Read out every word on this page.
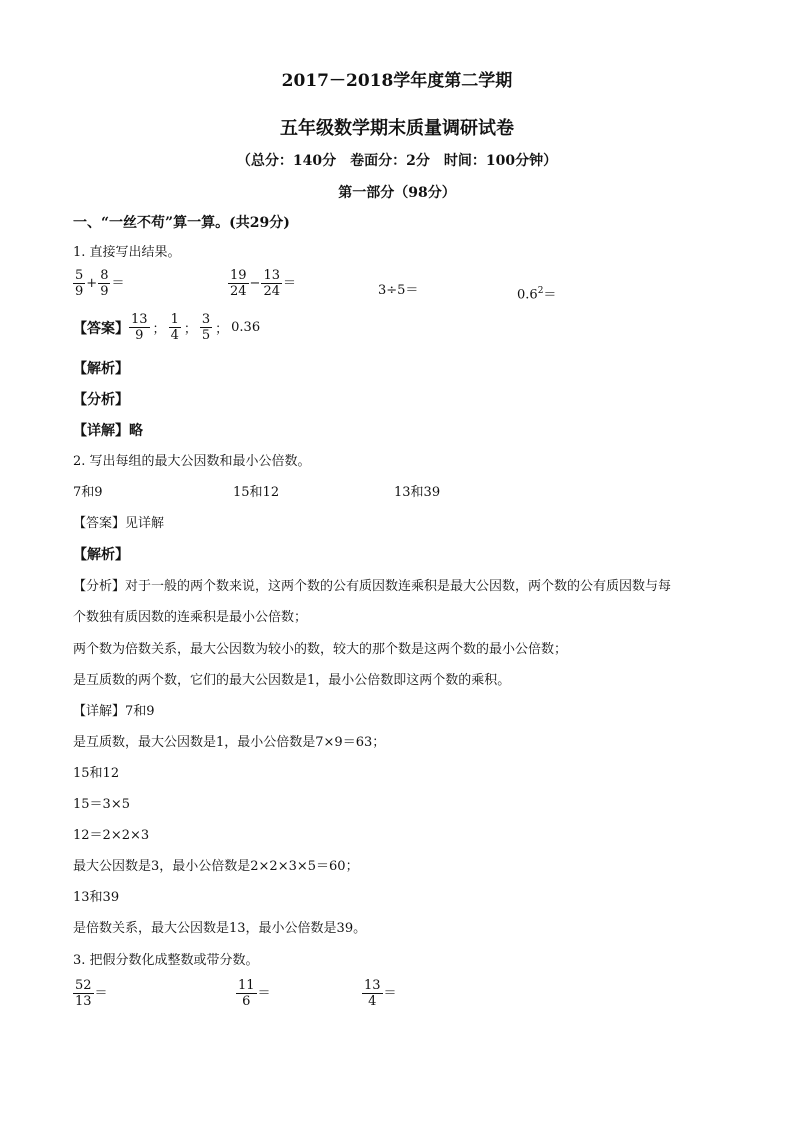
2017－2018学年度第二学期
五年级数学期末质量调研试卷
（总分：140分　卷面分：2分　时间：100分钟）
第一部分（98分）
一、“一丝不苟”算一算。(共29分)
1. 直接写出结果。
$\frac{5}{9} + \frac{8}{9}$ ＝	$\frac{19}{24} - \frac{13}{24}$ ＝	3÷5＝	$0.6^2=$
【答案】 $\frac{13}{9}$ ； $\frac{1}{4}$ ； $\frac{3}{5}$ ； 0.36
【解析】
【分析】
【详解】略
2. 写出每组的最大公因数和最小公倍数。
7和9	15和12	13和39
【答案】见详解
【解析】
【分析】对于一般的两个数来说，这两个数的公有质因数连乘积是最大公因数，两个数的公有质因数与每
个数独有质因数的连乘积是最小公倍数；
两个数为倍数关系，最大公因数为较小的数，较大的那个数是这两个数的最小公倍数；
是互质数的两个数，它们的最大公因数是1，最小公倍数即这两个数的乘积。
【详解】7和9
是互质数，最大公因数是1，最小公倍数是7×9＝63；
15和12
15＝3×5
12＝2×2×3
最大公因数是3，最小公倍数是2×2×3×5＝60；
13和39
是倍数关系，最大公因数是13，最小公倍数是39。
3. 把假分数化成整数或带分数。
$\frac{52}{13}$ ＝	$\frac{11}{6}$ ＝	$\frac{13}{4}$ ＝
